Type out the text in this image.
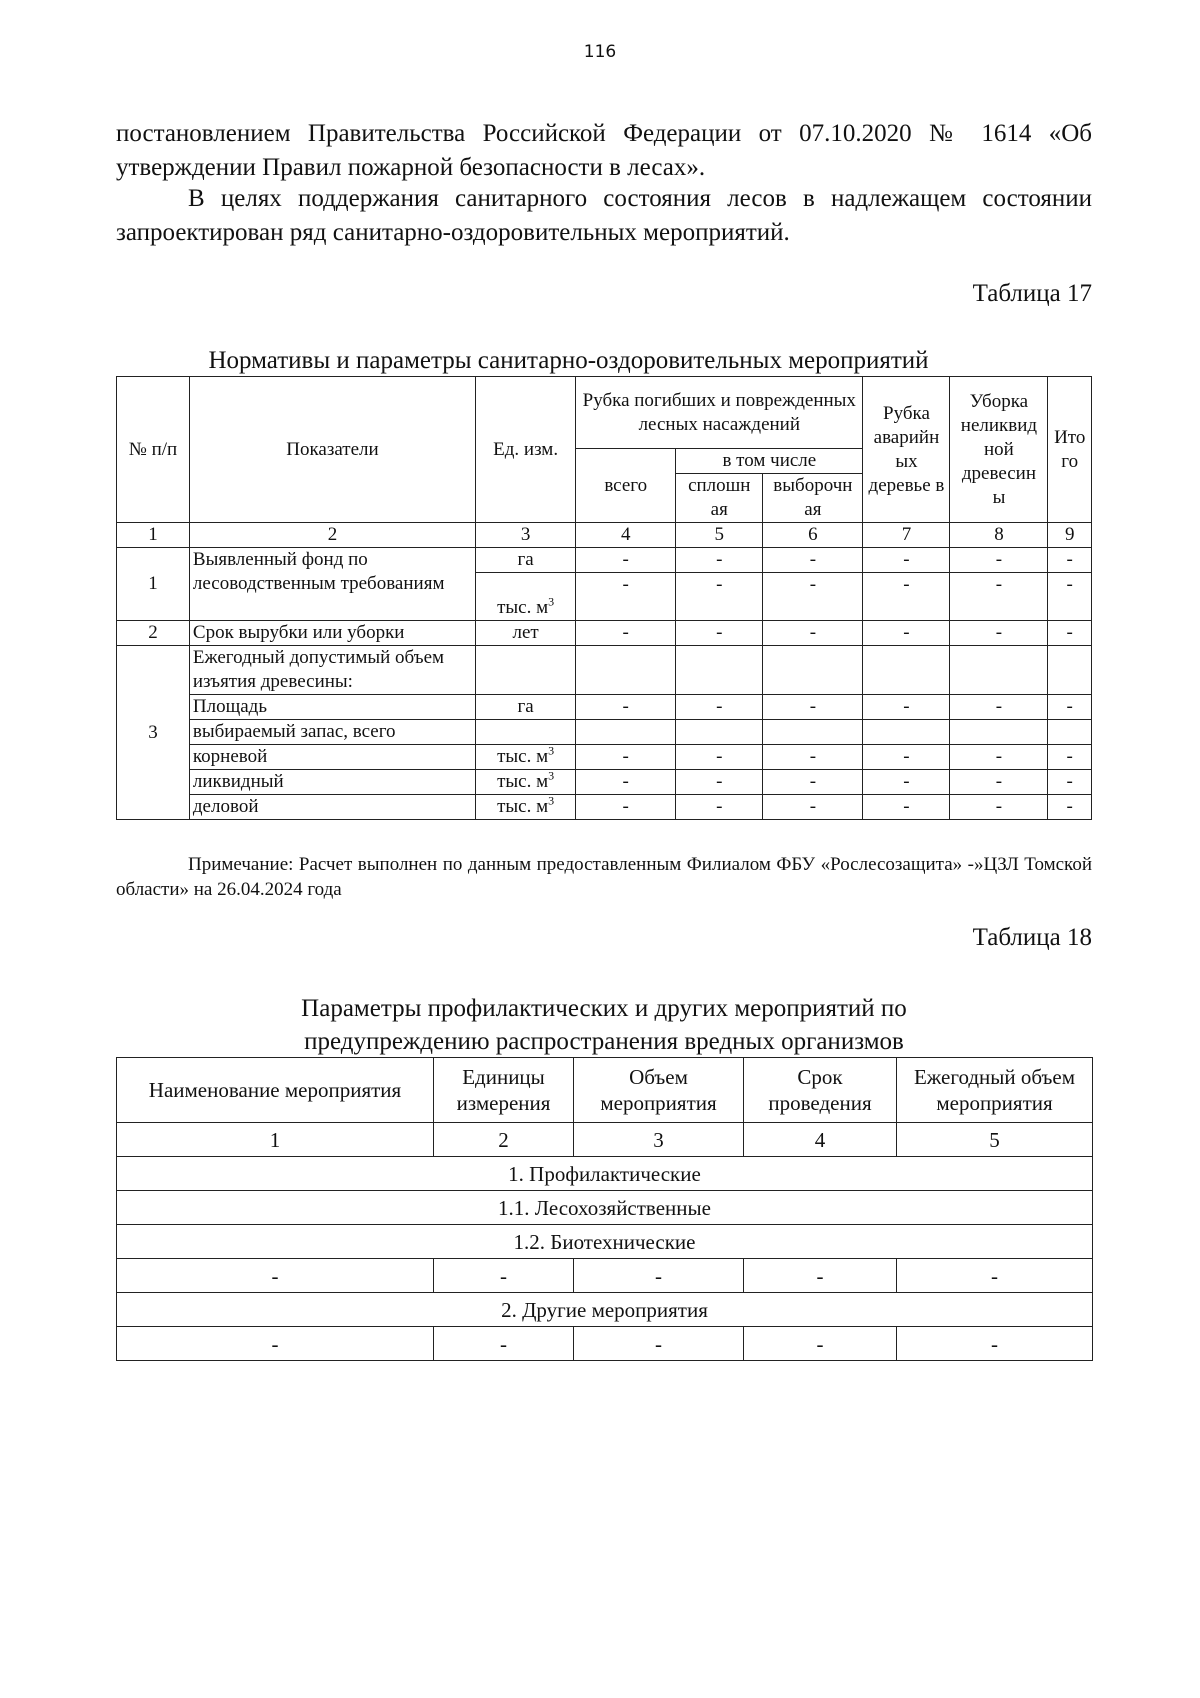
116

постановлением Правительства Российской Федерации от 07.10.2020 № 1614 «Об утверждении Правил пожарной безопасности в лесах».

В целях поддержания санитарного состояния лесов в надлежащем состоянии запроектирован ряд санитарно-оздоровительных мероприятий.

Таблица 17
Нормативы и параметры санитарно-оздоровительных мероприятий
№ п/п	Показатели	Ед. изм.	Рубка погибших и поврежденных лесных насаждений			Рубка аварийн ых деревье в	Уборка неликвид ной древесин ы	Ито го
			всего	в том числе				
				сплошн ая	выборочн ая			
1	2	3	4	5	6	7	8	9
1	Выявленный фонд по лесоводственным требованиям	га	-	-	-	-	-	-
		тыс. $м^3$	-	-	-	-	-	-
2	Срок вырубки или уборки	лет	-	-	-	-	-	-
3	Ежегодный допустимый объем изъятия древесины:							
	Площадь	га	-	-	-	-	-	-
	выбираемый запас, всего							
	корневой	тыс. $м^3$	-	-	-	-	-	-
	ликвидный	тыс. $м^3$	-	-	-	-	-	-
	деловой	тыс. $м^3$	-	-	-	-	-	-

Примечание: Расчет выполнен по данным предоставленным Филиалом ФБУ «Рослесозащита» -»ЦЗЛ Томской области» на 26.04.2024 года

Таблица 18
Параметры профилактических и других мероприятий по
предупреждению распространения вредных организмов
Наименование мероприятия	Единицы измерения	Объем мероприятия	Срок проведения	Ежегодный объем мероприятия
1	2	3	4	5
1. Профилактические				
1.1. Лесохозяйственные				
1.2. Биотехнические				
-	-	-	-	-
2. Другие мероприятия				
-	-	-	-	-
